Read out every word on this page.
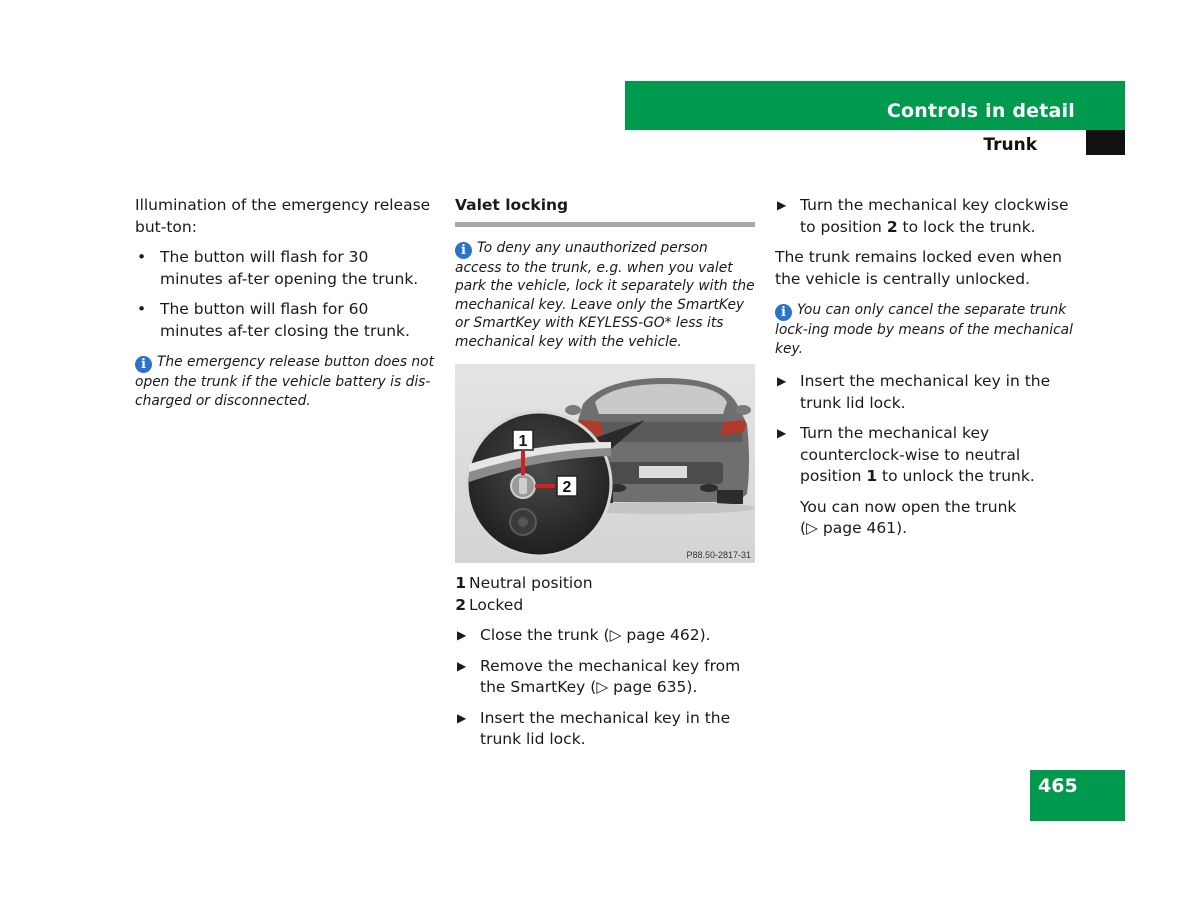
Controls in detail
Trunk

Illumination of the emergency release but-ton:

• The button will flash for 30 minutes af-ter opening the trunk.
• The button will flash for 60 minutes af-ter closing the trunk.
i The emergency release button does not open the trunk if the vehicle battery is dis-charged or disconnected.
Valet locking
i To deny any unauthorized person access to the trunk, e.g. when you valet park the vehicle, lock it separately with the mechanical key. Leave only the SmartKey or SmartKey with KEYLESS-GO* less its mechanical key with the vehicle.
1
2
P88.50-2817-31
1 Neutral position
2 Locked
▶ Close the trunk (▷ page 462).
▶ Remove the mechanical key from the SmartKey (▷ page 635).
▶ Insert the mechanical key in the trunk lid lock.
▶ Turn the mechanical key clockwise to position 2 to lock the trunk.

The trunk remains locked even when the vehicle is centrally unlocked.

i You can only cancel the separate trunk lock-ing mode by means of the mechanical key.
▶ Insert the mechanical key in the trunk lid lock.
▶ Turn the mechanical key counterclock-wise to neutral position 1 to unlock the trunk.
You can now open the trunk
(▷ page 461).
465
